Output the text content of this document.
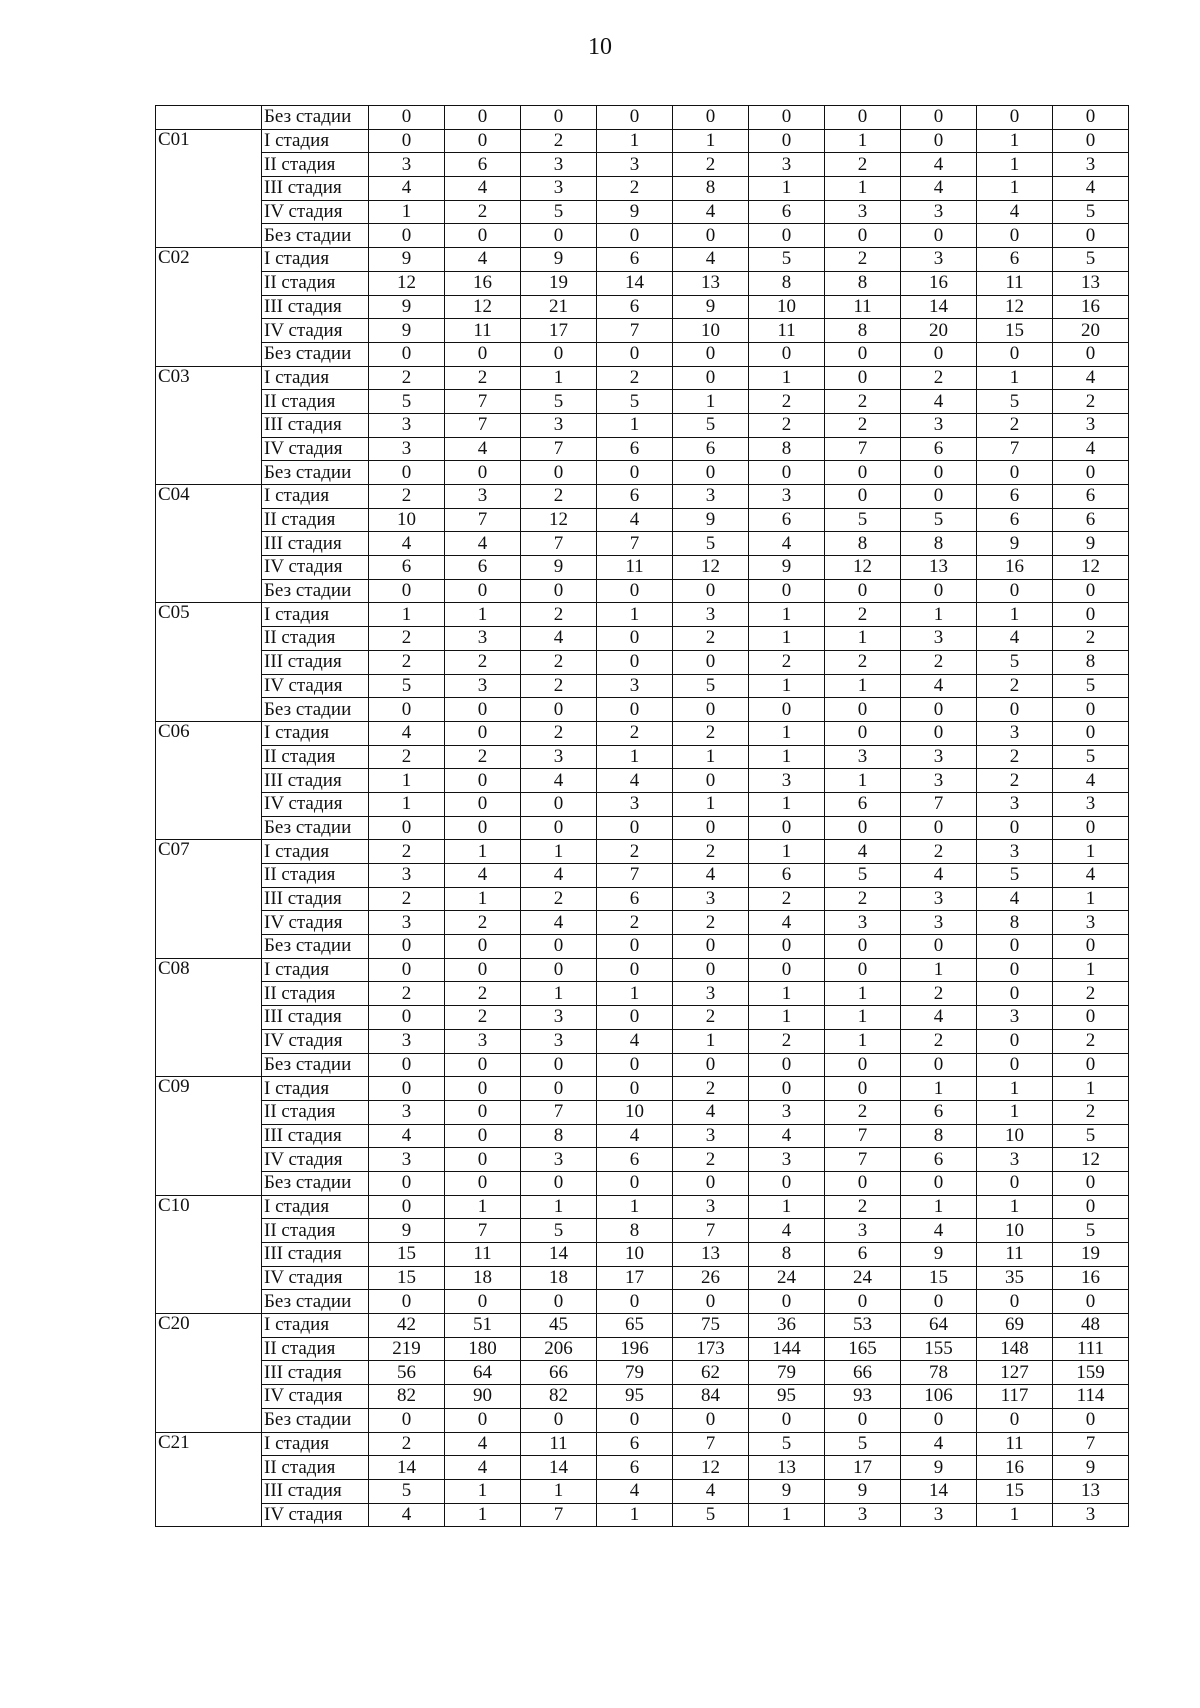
10
	Без стадии	0	0	0	0	0	0	0	0	0	0
C01	I стадия	0	0	2	1	1	0	1	0	1	0
	II стадия	3	6	3	3	2	3	2	4	1	3
	III стадия	4	4	3	2	8	1	1	4	1	4
	IV стадия	1	2	5	9	4	6	3	3	4	5
	Без стадии	0	0	0	0	0	0	0	0	0	0
C02	I стадия	9	4	9	6	4	5	2	3	6	5
	II стадия	12	16	19	14	13	8	8	16	11	13
	III стадия	9	12	21	6	9	10	11	14	12	16
	IV стадия	9	11	17	7	10	11	8	20	15	20
	Без стадии	0	0	0	0	0	0	0	0	0	0
C03	I стадия	2	2	1	2	0	1	0	2	1	4
	II стадия	5	7	5	5	1	2	2	4	5	2
	III стадия	3	7	3	1	5	2	2	3	2	3
	IV стадия	3	4	7	6	6	8	7	6	7	4
	Без стадии	0	0	0	0	0	0	0	0	0	0
C04	I стадия	2	3	2	6	3	3	0	0	6	6
	II стадия	10	7	12	4	9	6	5	5	6	6
	III стадия	4	4	7	7	5	4	8	8	9	9
	IV стадия	6	6	9	11	12	9	12	13	16	12
	Без стадии	0	0	0	0	0	0	0	0	0	0
C05	I стадия	1	1	2	1	3	1	2	1	1	0
	II стадия	2	3	4	0	2	1	1	3	4	2
	III стадия	2	2	2	0	0	2	2	2	5	8
	IV стадия	5	3	2	3	5	1	1	4	2	5
	Без стадии	0	0	0	0	0	0	0	0	0	0
C06	I стадия	4	0	2	2	2	1	0	0	3	0
	II стадия	2	2	3	1	1	1	3	3	2	5
	III стадия	1	0	4	4	0	3	1	3	2	4
	IV стадия	1	0	0	3	1	1	6	7	3	3
	Без стадии	0	0	0	0	0	0	0	0	0	0
C07	I стадия	2	1	1	2	2	1	4	2	3	1
	II стадия	3	4	4	7	4	6	5	4	5	4
	III стадия	2	1	2	6	3	2	2	3	4	1
	IV стадия	3	2	4	2	2	4	3	3	8	3
	Без стадии	0	0	0	0	0	0	0	0	0	0
C08	I стадия	0	0	0	0	0	0	0	1	0	1
	II стадия	2	2	1	1	3	1	1	2	0	2
	III стадия	0	2	3	0	2	1	1	4	3	0
	IV стадия	3	3	3	4	1	2	1	2	0	2
	Без стадии	0	0	0	0	0	0	0	0	0	0
C09	I стадия	0	0	0	0	2	0	0	1	1	1
	II стадия	3	0	7	10	4	3	2	6	1	2
	III стадия	4	0	8	4	3	4	7	8	10	5
	IV стадия	3	0	3	6	2	3	7	6	3	12
	Без стадии	0	0	0	0	0	0	0	0	0	0
C10	I стадия	0	1	1	1	3	1	2	1	1	0
	II стадия	9	7	5	8	7	4	3	4	10	5
	III стадия	15	11	14	10	13	8	6	9	11	19
	IV стадия	15	18	18	17	26	24	24	15	35	16
	Без стадии	0	0	0	0	0	0	0	0	0	0
C20	I стадия	42	51	45	65	75	36	53	64	69	48
	II стадия	219	180	206	196	173	144	165	155	148	111
	III стадия	56	64	66	79	62	79	66	78	127	159
	IV стадия	82	90	82	95	84	95	93	106	117	114
	Без стадии	0	0	0	0	0	0	0	0	0	0
C21	I стадия	2	4	11	6	7	5	5	4	11	7
	II стадия	14	4	14	6	12	13	17	9	16	9
	III стадия	5	1	1	4	4	9	9	14	15	13
	IV стадия	4	1	7	1	5	1	3	3	1	3
